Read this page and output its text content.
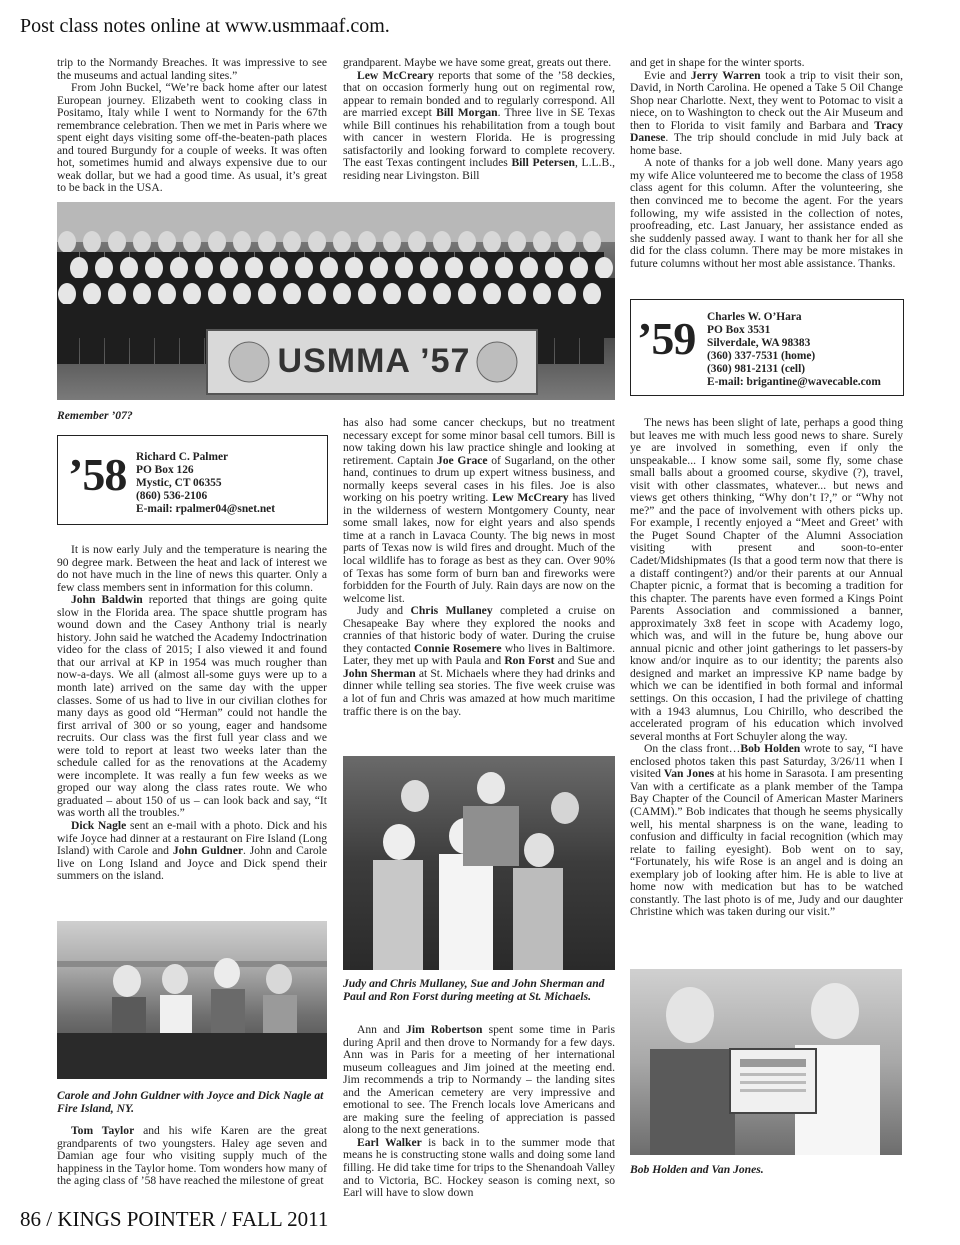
Post class notes online at www.usmmaaf.com.

trip to the Normandy Breaches. It was impressive to see the museums and actual landing sites.”

From John Buckel, “We’re back home after our latest European journey. Elizabeth went to cooking class in Positamo, Italy while I went to Normandy for the 67th remembrance celebration. Then we met in Paris where we spent eight days visiting some off-the-beaten-path places and toured Burgundy for a couple of weeks. It was often hot, sometimes humid and always expensive due to our weak dollar, but we had a good time. As usual, it’s great to be back in the USA.

grandparent. Maybe we have some great, greats out there.

Lew McCreary reports that some of the ’58 deckies, that on occasion formerly hung out on regimental row, appear to remain bonded and to regularly correspond. All are married except Bill Morgan. Three live in SE Texas while Bill continues his rehabilitation from a tough bout with cancer in western Florida. He is progressing satisfactorily and looking forward to complete recovery. The east Texas contingent includes Bill Petersen, L.L.B., residing near Livingston. Bill

and get in shape for the winter sports.

Evie and Jerry Warren took a trip to visit their son, David, in North Carolina. He opened a Take 5 Oil Change Shop near Charlotte. Next, they went to Potomac to visit a niece, on to Washington to check out the Air Museum and then to Florida to visit family and Barbara and Tracy Danese. The trip should conclude in mid July back at home base.

A note of thanks for a job well done. Many years ago my wife Alice volunteered me to become the class of 1958 class agent for this column. After the volunteering, she then convinced me to become the agent. For the years following, my wife assisted in the collection of notes, proofreading, etc. Last January, her assistance ended as she suddenly passed away. I want to thank her for all she did for the class column. There may be more mistakes in future columns without her most able assistance. Thanks.

USMMA ’57
Remember ’07?
’58 Richard C. Palmer
PO Box 126
Mystic, CT 06355
(860) 536-2106
E-mail: rpalmer04@snet.net
’59 Charles W. O’Hara
PO Box 3531
Silverdale, WA 98383
(360) 337-7531 (home)
(360) 981-2131 (cell)
E-mail: brigantine@wavecable.com

It is now early July and the temperature is nearing the 90 degree mark. Between the heat and lack of interest we do not have much in the line of news this quarter. Only a few class members sent in information for this column.

John Baldwin reported that things are going quite slow in the Florida area. The space shuttle program has wound down and the Casey Anthony trial is nearly history. John said he watched the Academy Indoctrination video for the class of 2015; I also viewed it and found that our arrival at KP in 1954 was much rougher than now-a-days. We all (almost all-some guys were up to a month late) arrived on the same day with the upper classes. Some of us had to live in our civilian clothes for many days as good old “Herman” could not handle the first arrival of 300 or so young, eager and handsome recruits. Our class was the first full year class and we were told to report at least two weeks later than the schedule called for as the renovations at the Academy were incomplete. It was really a fun few weeks as we groped our way along the class rates route. We who graduated – about 150 of us – can look back and say, “It was worth all the troubles.”

Dick Nagle sent an e-mail with a photo. Dick and his wife Joyce had dinner at a restaurant on Fire Island (Long Island) with Carole and John Guldner. John and Carole live on Long Island and Joyce and Dick spend their summers on the island.

Carole and John Guldner with Joyce and Dick Nagle at Fire Island, NY.

Tom Taylor and his wife Karen are the great grandparents of two youngsters. Haley age seven and Damian age four who visiting supply much of the happiness in the Taylor home. Tom wonders how many of the aging class of ’58 have reached the milestone of great

has also had some cancer checkups, but no treatment necessary except for some minor basal cell tumors. Bill is now taking down his law practice shingle and looking at retirement. Captain Joe Grace of Sugarland, on the other hand, continues to drum up expert witness business, and normally keeps several cases in his files. Joe is also working on his poetry writing. Lew McCreary has lived in the wilderness of western Montgomery County, near some small lakes, now for eight years and also spends time at a ranch in Lavaca County. The big news in most parts of Texas now is wild fires and drought. Much of the local wildlife has to forage as best as they can. Over 90% of Texas has some form of burn ban and fireworks were forbidden for the Fourth of July. Rain days are now on the welcome list.

Judy and Chris Mullaney completed a cruise on Chesapeake Bay where they explored the nooks and crannies of that historic body of water. During the cruise they contacted Connie Rosemere who lives in Baltimore. Later, they met up with Paula and Ron Forst and Sue and John Sherman at St. Michaels where they had drinks and dinner while telling sea stories. The five week cruise was a lot of fun and Chris was amazed at how much maritime traffic there is on the bay.

Judy and Chris Mullaney, Sue and John Sherman and Paul and Ron Forst during meeting at St. Michaels.

Ann and Jim Robertson spent some time in Paris during April and then drove to Normandy for a few days. Ann was in Paris for a meeting of her international museum colleagues and Jim joined at the meeting end. Jim recommends a trip to Normandy – the landing sites and the American cemetery are very impressive and emotional to see. The French locals love Americans and are making sure the feeling of appreciation is passed along to the next generations.

Earl Walker is back in to the summer mode that means he is constructing stone walls and doing some land filling. He did take time for trips to the Shenandoah Valley and to Victoria, BC. Hockey season is coming next, so Earl will have to slow down

The news has been slight of late, perhaps a good thing but leaves me with much less good news to share. Surely ye are involved in something, even if only the unspeakable... I know some sail, some fly, some chase small balls about a groomed course, skydive (?), travel, visit with other classmates, whatever... but news and views get others thinking, “Why don’t I?,” or “Why not me?” and the pace of involvement with others picks up. For example, I recently enjoyed a “Meet and Greet’ with the Puget Sound Chapter of the Alumni Association visiting with present and soon-to-enter Cadet/Midshipmates (Is that a good term now that there is a distaff contingent?) and/or their parents at our Annual Chapter picnic, a format that is becoming a tradition for this chapter. The parents have even formed a Kings Point Parents Association and commissioned a banner, approximately 3x8 feet in scope with Academy logo, which was, and will in the future be, hung above our annual picnic and other joint gatherings to let passers-by know and/or inquire as to our identity; the parents also designed and market an impressive KP name badge by which we can be identified in both formal and informal settings. On this occasion, I had the privilege of chatting with a 1943 alumnus, Lou Chirillo, who described the accelerated program of his education which involved several months at Fort Schuyler along the way.

On the class front…Bob Holden wrote to say, “I have enclosed photos taken this past Saturday, 3/26/11 when I visited Van Jones at his home in Sarasota. I am presenting Van with a certificate as a plank member of the Tampa Bay Chapter of the Council of American Master Mariners (CAMM).” Bob indicates that though he seems physically well, his mental sharpness is on the wane, leading to confusion and difficulty in facial recognition (which may relate to failing eyesight). Bob went on to say, “Fortunately, his wife Rose is an angel and is doing an exemplary job of looking after him. He is able to live at home now with medication but has to be watched constantly. The last photo is of me, Judy and our daughter Christine which was taken during our visit.”

Bob Holden and Van Jones.
86 / KINGS POINTER / FALL 2011
